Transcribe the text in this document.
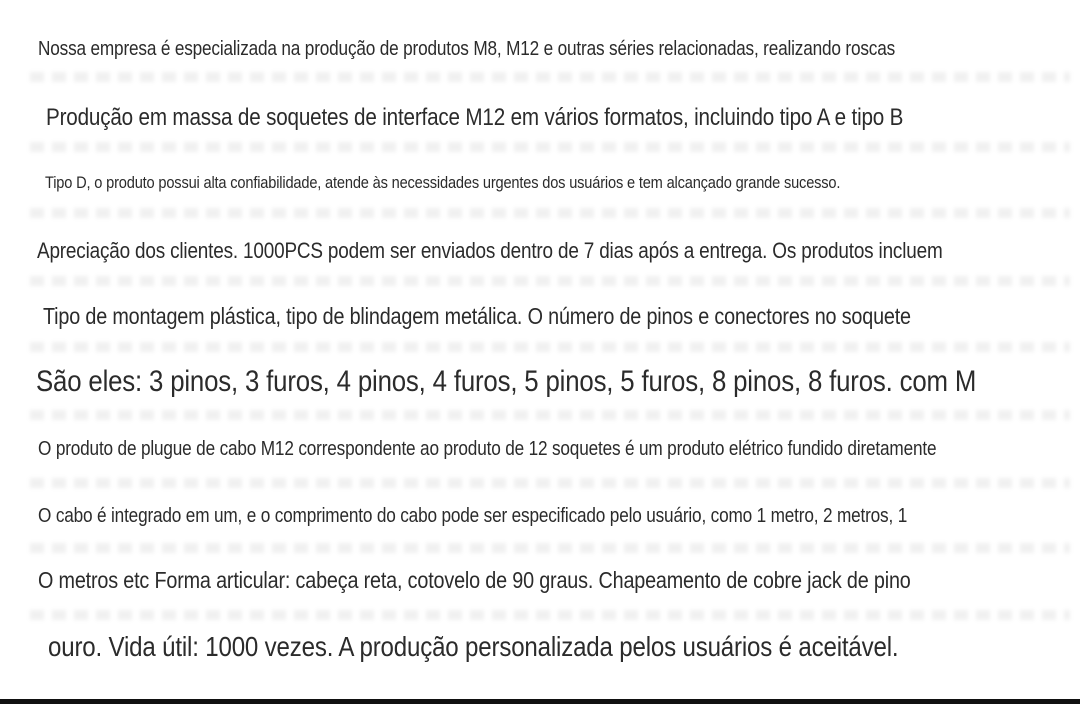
Nossa empresa é especializada na produção de produtos M8, M12 e outras séries relacionadas, realizando roscas
Produção em massa de soquetes de interface M12 em vários formatos, incluindo tipo A e tipo B
Tipo D, o produto possui alta confiabilidade, atende às necessidades urgentes dos usuários e tem alcançado grande sucesso.
Apreciação dos clientes. 1000PCS podem ser enviados dentro de 7 dias após a entrega. Os produtos incluem
Tipo de montagem plástica, tipo de blindagem metálica. O número de pinos e conectores no soquete
São eles: 3 pinos, 3 furos, 4 pinos, 4 furos, 5 pinos, 5 furos, 8 pinos, 8 furos. com M
O produto de plugue de cabo M12 correspondente ao produto de 12 soquetes é um produto elétrico fundido diretamente
O cabo é integrado em um, e o comprimento do cabo pode ser especificado pelo usuário, como 1 metro, 2 metros, 1
O metros etc Forma articular: cabeça reta, cotovelo de 90 graus. Chapeamento de cobre jack de pino
ouro. Vida útil: 1000 vezes. A produção personalizada pelos usuários é aceitável.
